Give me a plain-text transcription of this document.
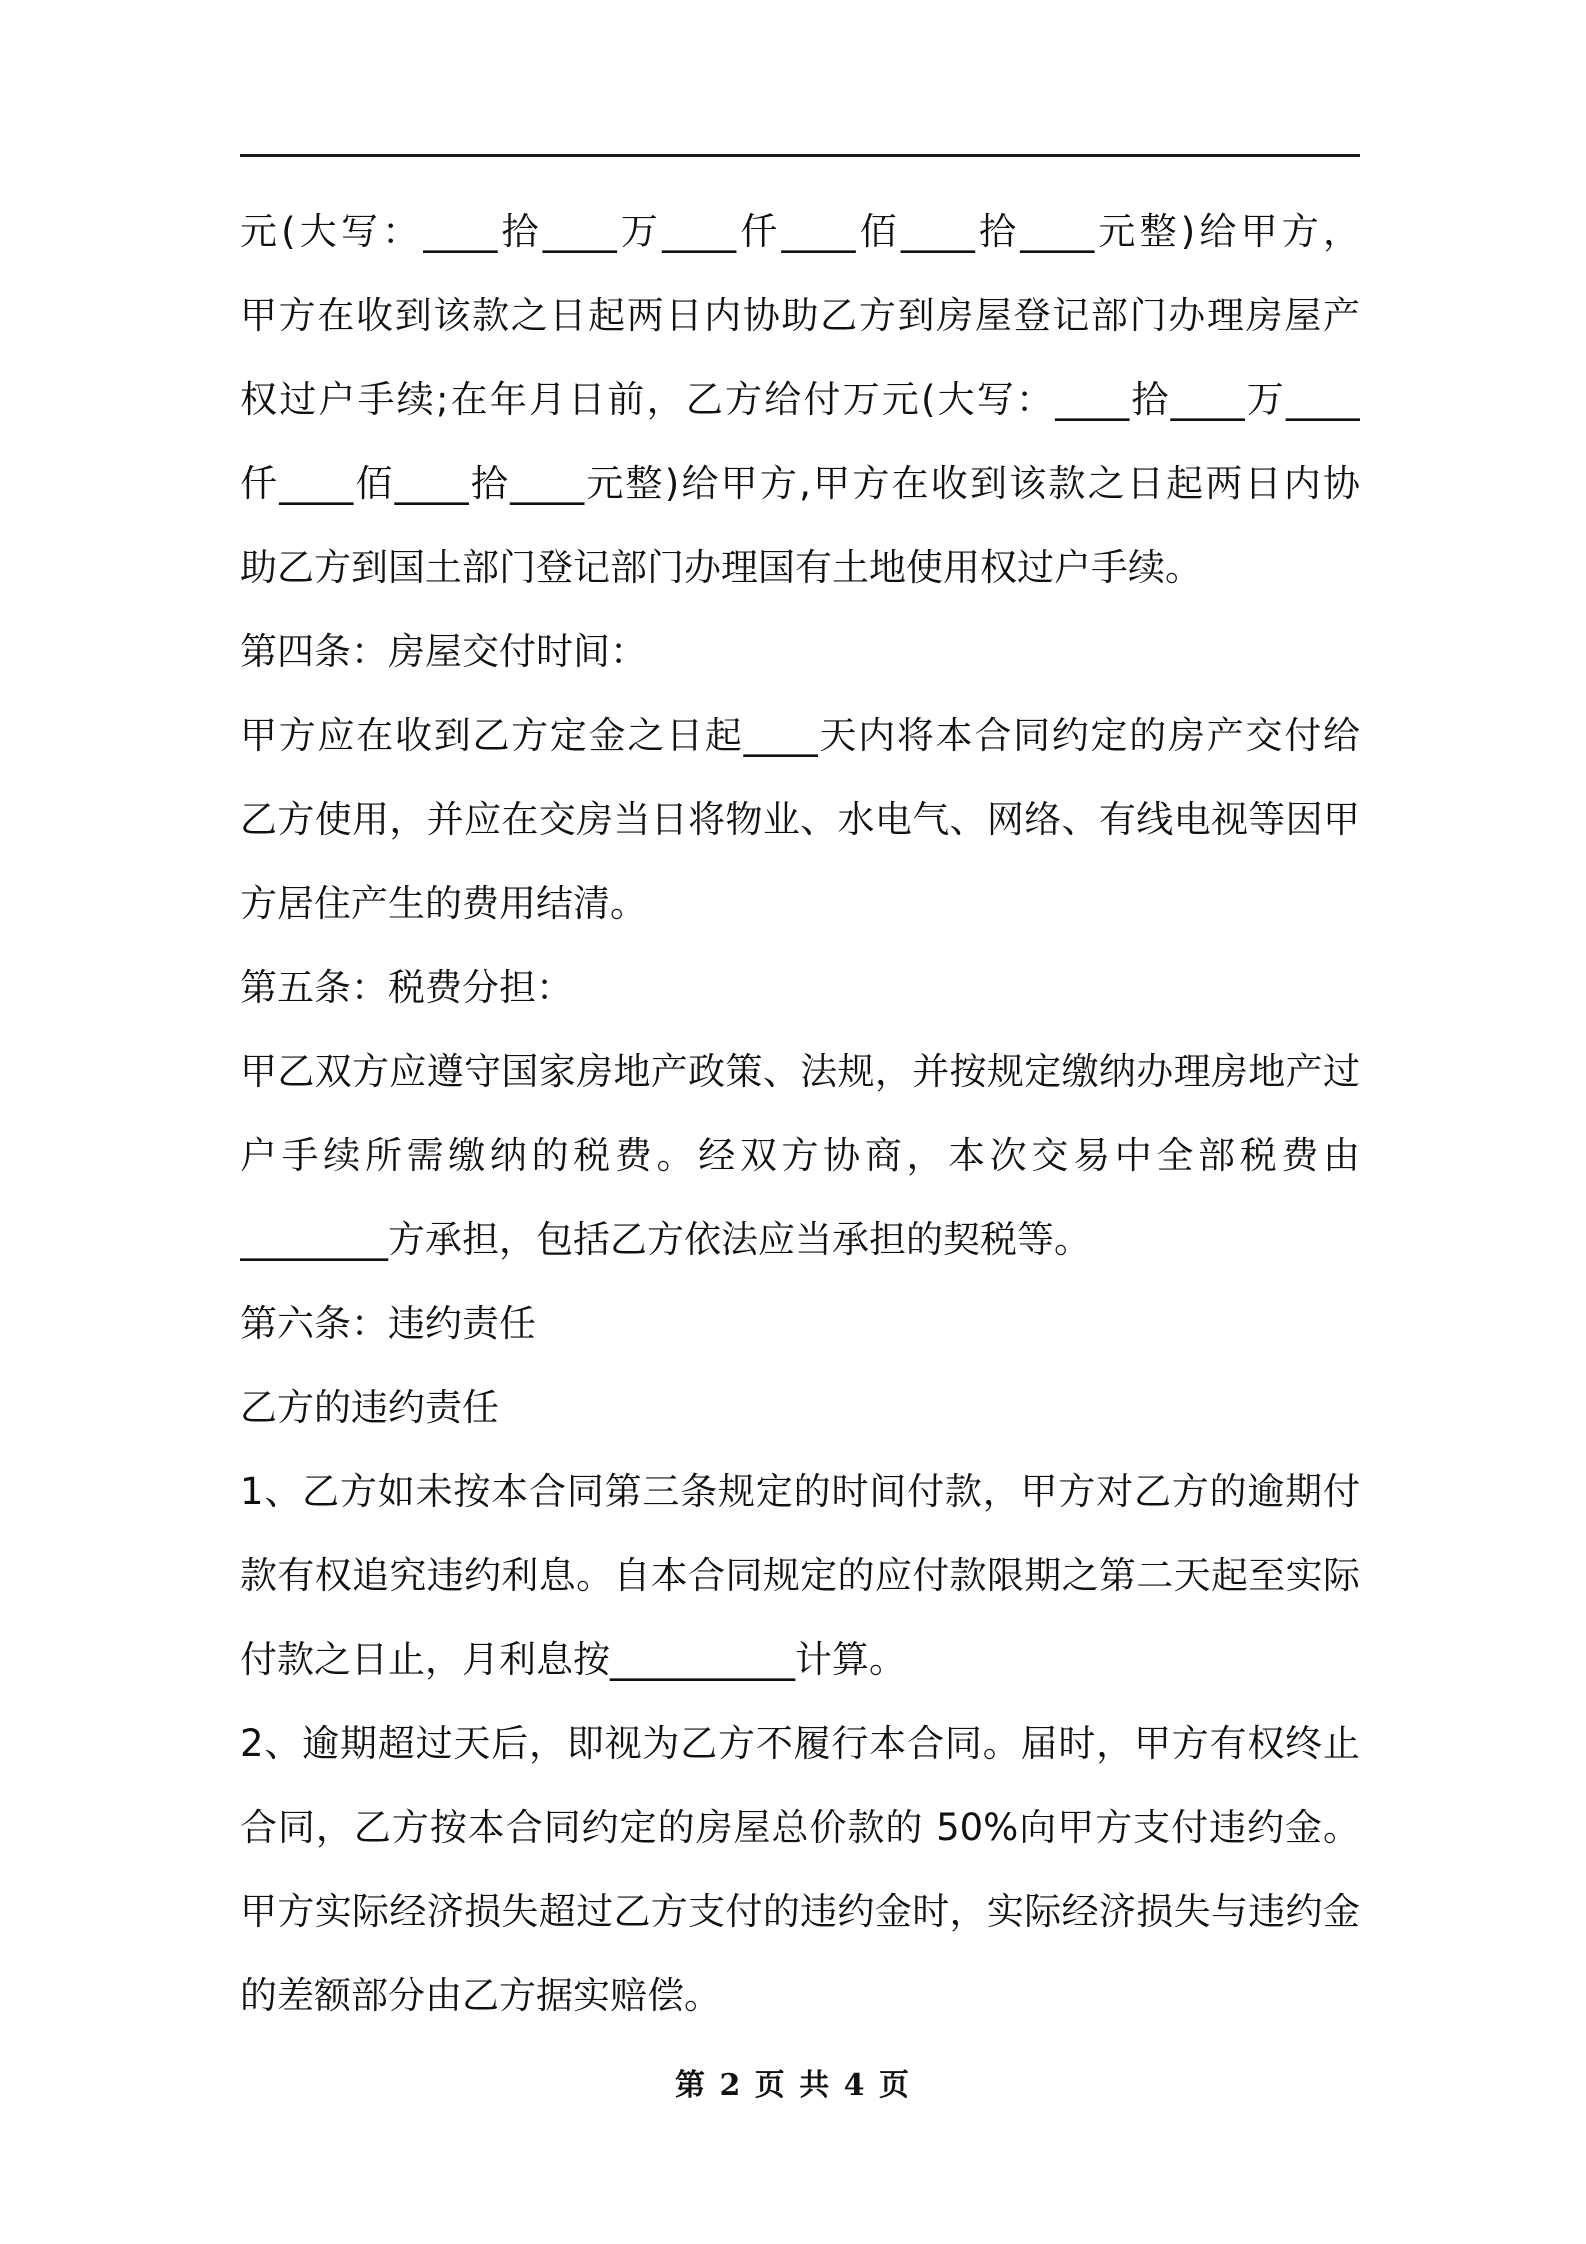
元(大写：____拾____万____仟____佰____拾____元整)给甲方，
甲方在收到该款之日起两日内协助乙方到房屋登记部门办理房屋产
权过户手续;在年月日前，乙方给付万元(大写：____拾____万____
仟____佰____拾____元整)给甲方,甲方在收到该款之日起两日内协
助乙方到国土部门登记部门办理国有土地使用权过户手续。
第四条：房屋交付时间：
甲方应在收到乙方定金之日起____天内将本合同约定的房产交付给
乙方使用，并应在交房当日将物业、水电气、网络、有线电视等因甲
方居住产生的费用结清。
第五条：税费分担：
甲乙双方应遵守国家房地产政策、法规，并按规定缴纳办理房地产过
户手续所需缴纳的税费。经双方协商，本次交易中全部税费由
________方承担，包括乙方依法应当承担的契税等。
第六条：违约责任
乙方的违约责任
1、乙方如未按本合同第三条规定的时间付款，甲方对乙方的逾期付
款有权追究违约利息。自本合同规定的应付款限期之第二天起至实际
付款之日止，月利息按__________计算。
2、逾期超过天后，即视为乙方不履行本合同。届时，甲方有权终止
合同，乙方按本合同约定的房屋总价款的 50%向甲方支付违约金。
甲方实际经济损失超过乙方支付的违约金时，实际经济损失与违约金
的差额部分由乙方据实赔偿。
第 2 页 共 4 页
